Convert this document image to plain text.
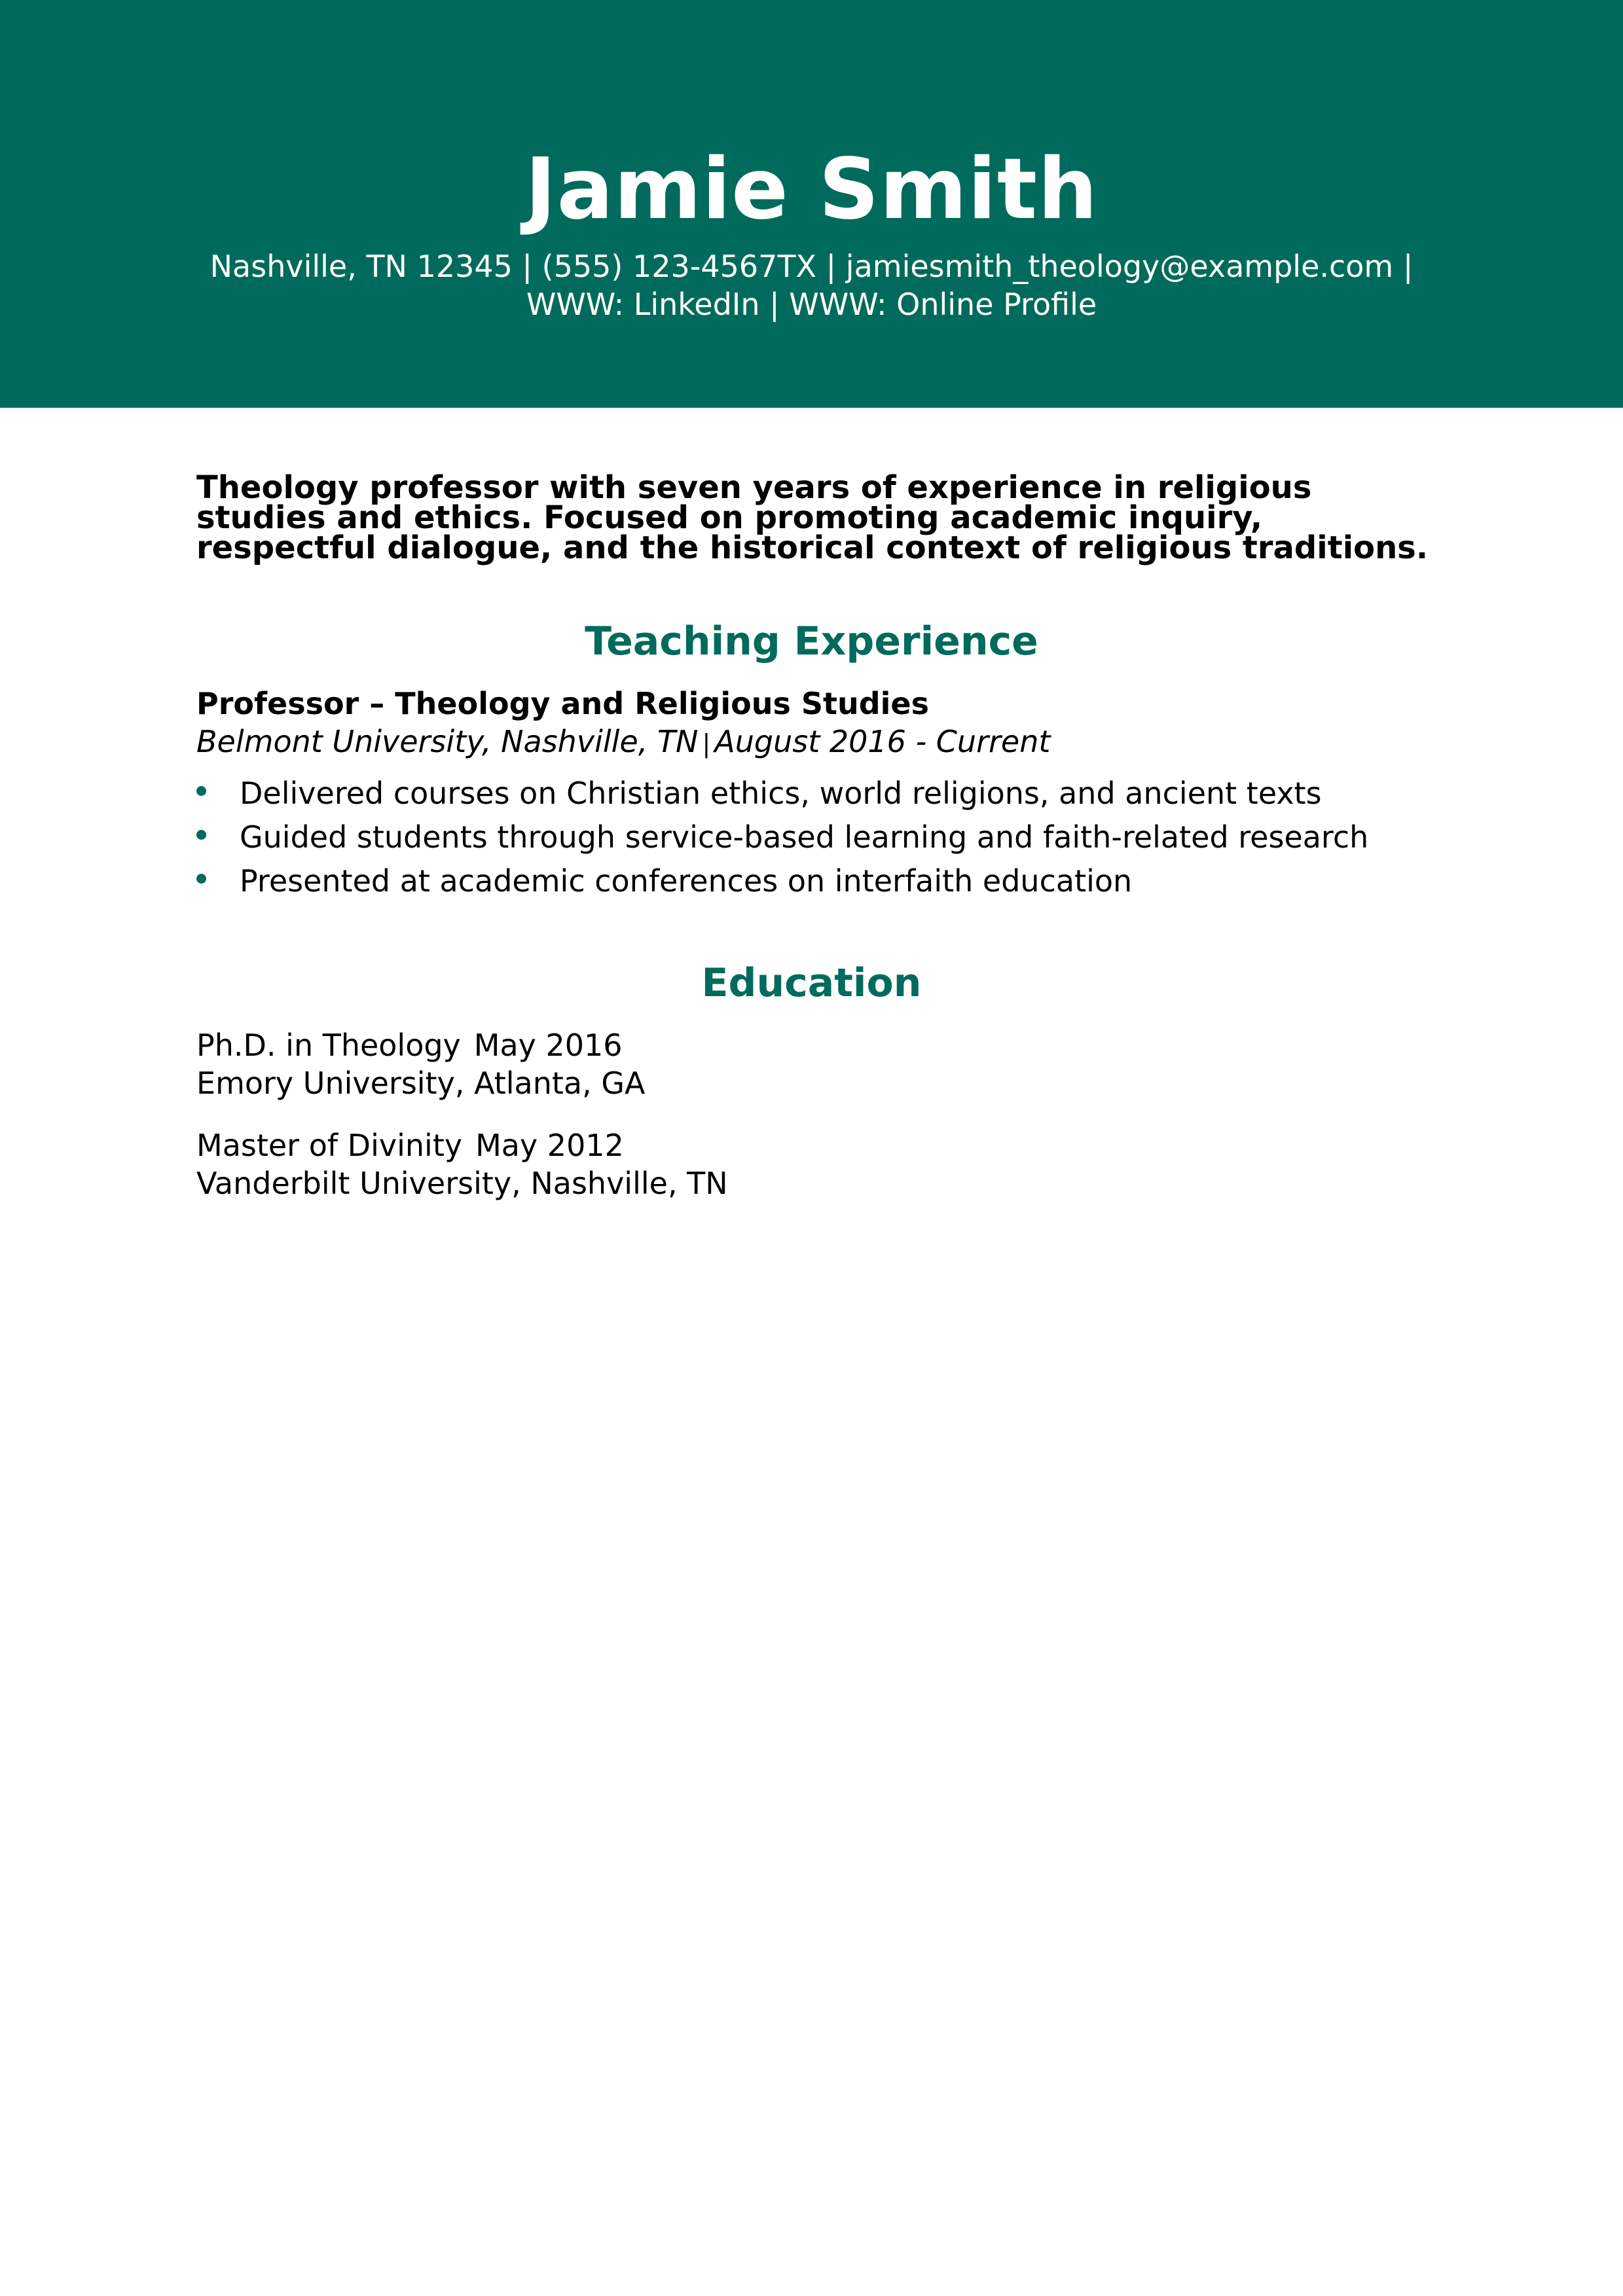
Jamie Smith
Nashville, TN 12345 | (555) 123-4567TX | jamiesmith_theology@example.com |
WWW: LinkedIn | WWW: Online Profile

Theology professor with seven years of experience in religious studies and ethics. Focused on promoting academic inquiry, respectful dialogue, and the historical context of religious traditions.

Teaching Experience
Professor – Theology and Religious Studies
Belmont University, Nashville, TN | August 2016 - Current
Delivered courses on Christian ethics, world religions, and ancient texts
Guided students through service-based learning and faith-related research
Presented at academic conferences on interfaith education
Education
Ph.D. in Theology May 2016
Emory University, Atlanta, GA
Master of Divinity May 2012
Vanderbilt University, Nashville, TN
